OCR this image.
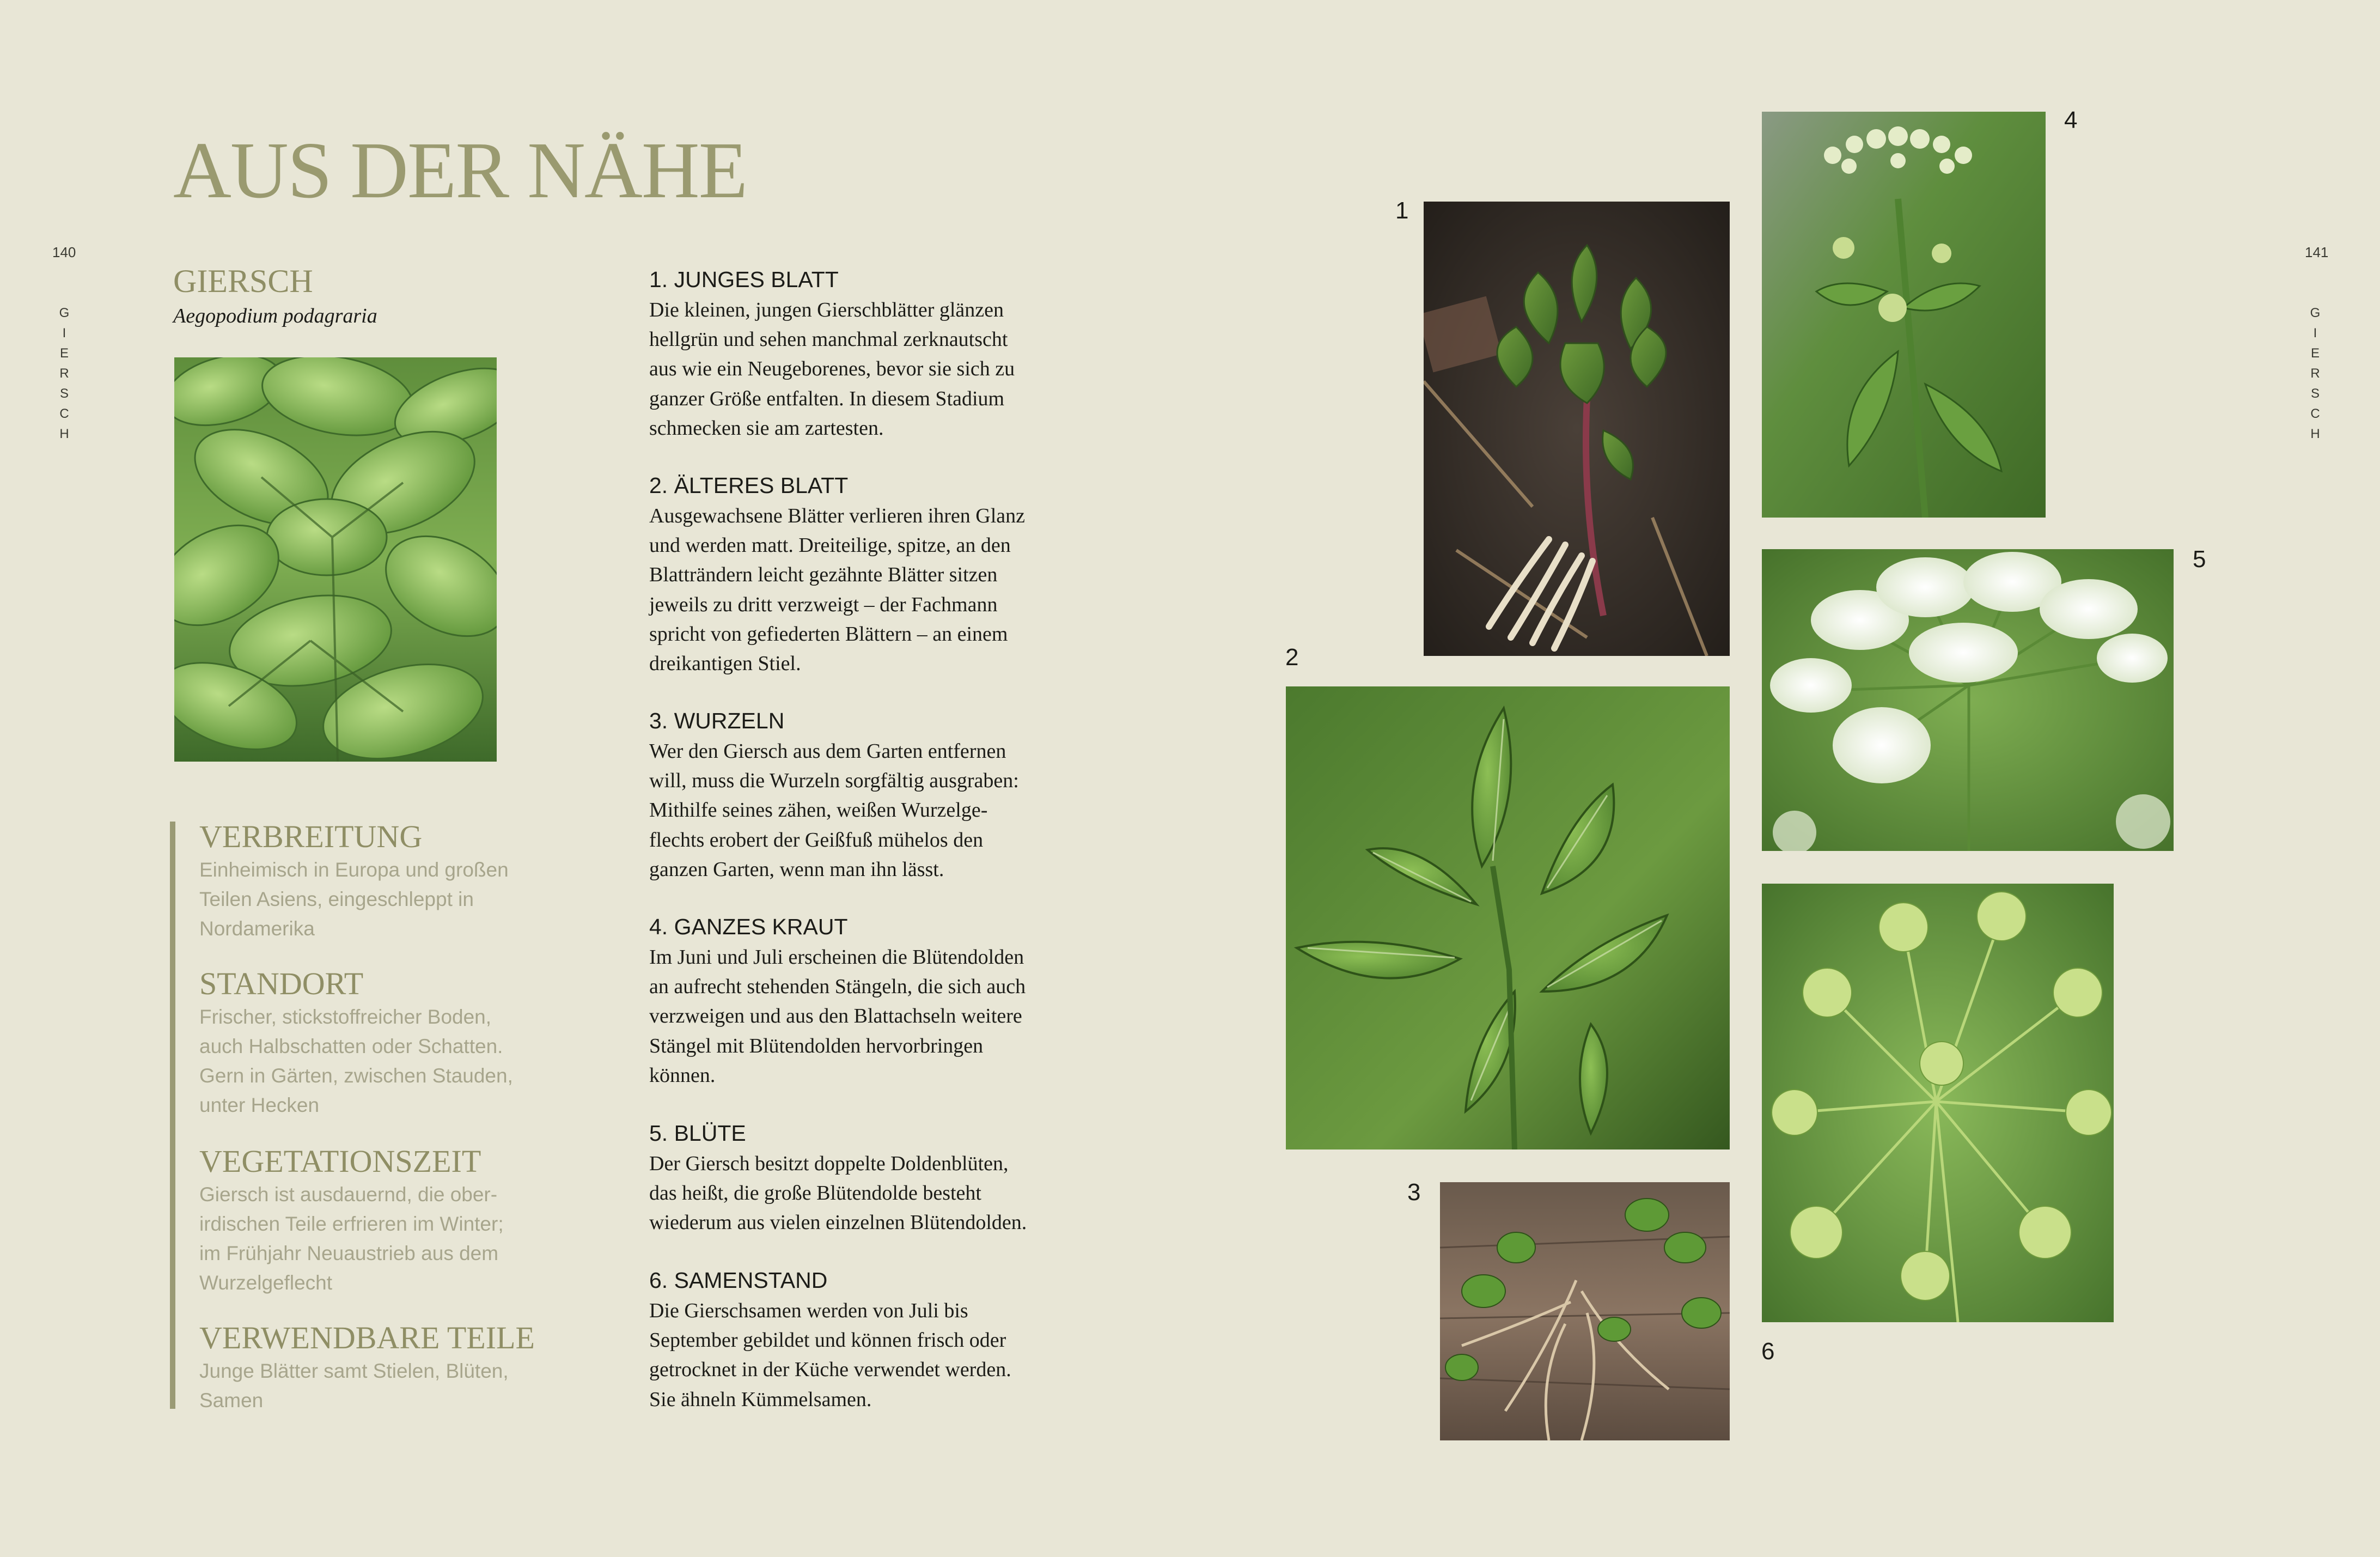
140
G
I
E
R
S
C
H
AUS DER NÄHE
GIERSCH
Aegopodium podagraria
VERBREITUNG
Einheimisch in Europa und großen
Teilen Asiens, eingeschleppt in
Nordamerika
STANDORT
Frischer, stickstoffreicher Boden,
auch Halbschatten oder Schatten.
Gern in Gärten, zwischen Stauden,
unter Hecken
VEGETATIONSZEIT
Giersch ist ausdauernd, die ober-
irdischen Teile erfrieren im Winter;
im Frühjahr Neuaustrieb aus dem
Wurzelgeflecht
VERWENDBARE TEILE
Junge Blätter samt Stielen, Blüten,
Samen
1. JUNGES BLATT
Die kleinen, jungen Gierschblätter glänzen
hellgrün und sehen manchmal zerknautscht
aus wie ein Neugeborenes, bevor sie sich zu
ganzer Größe entfalten. In diesem Stadium
schmecken sie am zartesten.
2. ÄLTERES BLATT
Ausgewachsene Blätter verlieren ihren Glanz
und werden matt. Dreiteilige, spitze, an den
Blatträndern leicht gezähnte Blätter sitzen
jeweils zu dritt verzweigt – der Fachmann
spricht von gefiederten Blättern – an einem
dreikantigen Stiel.
3. WURZELN
Wer den Giersch aus dem Garten entfernen
will, muss die Wurzeln sorgfältig ausgraben:
Mithilfe seines zähen, weißen Wurzelge-
flechts erobert der Geißfuß mühelos den
ganzen Garten, wenn man ihn lässt.
4. GANZES KRAUT
Im Juni und Juli erscheinen die Blütendolden
an aufrecht stehenden Stängeln, die sich auch
verzweigen und aus den Blattachseln weitere
Stängel mit Blütendolden hervorbringen
können.
5. BLÜTE
Der Giersch besitzt doppelte Doldenblüten,
das heißt, die große Blütendolde besteht
wiederum aus vielen einzelnen Blütendolden.
6. SAMENSTAND
Die Gierschsamen werden von Juli bis
September gebildet und können frisch oder
getrocknet in der Küche verwendet werden.
Sie ähneln Kümmelsamen.
1
2
3
4
5
6
141
G
I
E
R
S
C
H
